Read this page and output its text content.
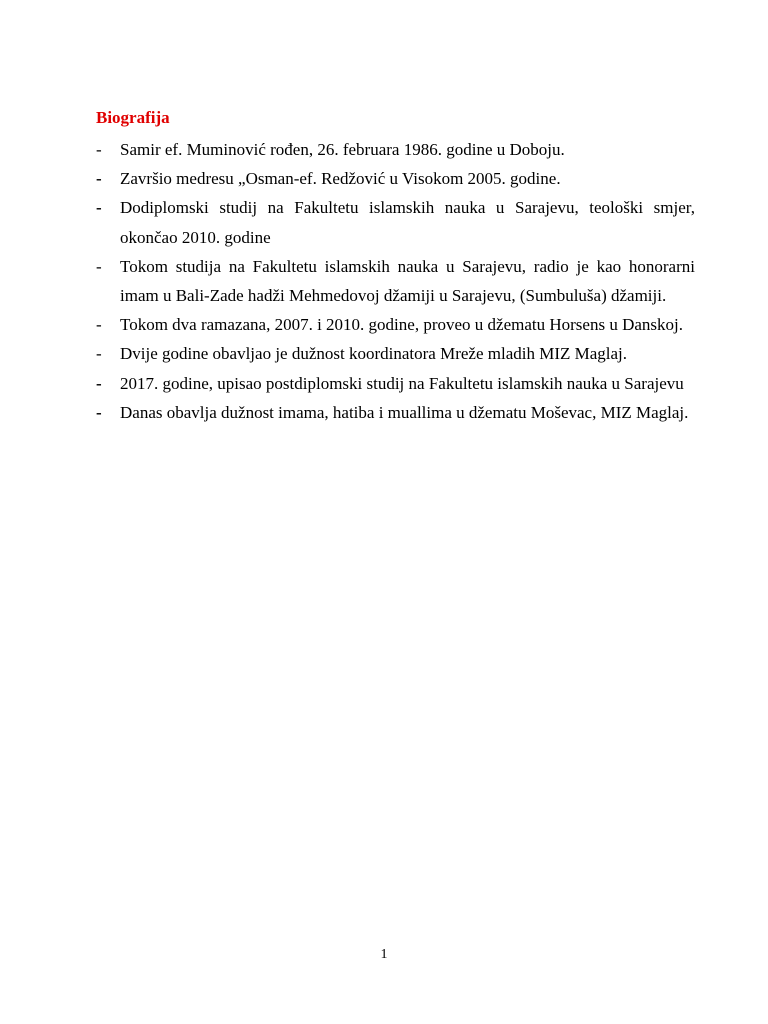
Biografija
-	Samir ef. Muminović rođen, 26. februara 1986. godine u Doboju.
-	Završio medresu „Osman-ef. Redžović u Visokom 2005. godine.
-	Dodiplomski studij na Fakultetu islamskih nauka u Sarajevu, teološki smjer, okončao 2010. godine
-	Tokom studija na Fakultetu islamskih nauka u Sarajevu, radio je kao honorarni imam u Bali-Zade hadži Mehmedovoj džamiji u Sarajevu, (Sumbuluša) džamiji.
-	Tokom dva ramazana, 2007. i 2010. godine, proveo u džematu Horsens u Danskoj.
-	Dvije godine obavljao je dužnost koordinatora Mreže mladih MIZ Maglaj.
-	2017. godine, upisao postdiplomski studij na Fakultetu islamskih nauka u Sarajevu
-	Danas obavlja dužnost imama, hatiba i muallima u džematu Moševac, MIZ Maglaj.
1
